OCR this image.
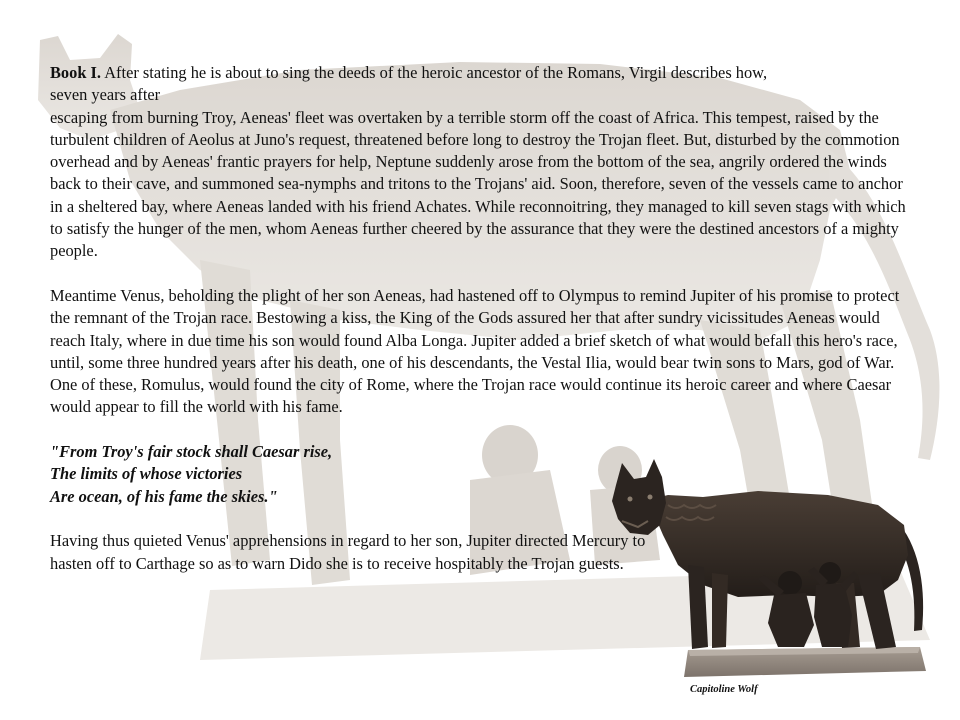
Book I. After stating he is about to sing the deeds of the heroic ancestor of the Romans, Virgil describes how,
seven years after
escaping from burning Troy, Aeneas' fleet was overtaken by a terrible storm off the coast of Africa. This tempest, raised by the turbulent children of Aeolus at Juno's request, threatened before long to destroy the Trojan fleet. But, disturbed by the commotion overhead and by Aeneas' frantic prayers for help, Neptune suddenly arose from the bottom of the sea, angrily ordered the winds back to their cave, and summoned sea-nymphs and tritons to the Trojans' aid. Soon, therefore, seven of the vessels came to anchor in a sheltered bay, where Aeneas landed with his friend Achates. While reconnoitring, they managed to kill seven stags with which to satisfy the hunger of the men, whom Aeneas further cheered by the assurance that they were the destined ancestors of a mighty people.

Meantime Venus, beholding the plight of her son Aeneas, had hastened off to Olympus to remind Jupiter of his promise to protect the remnant of the Trojan race. Bestowing a kiss, the King of the Gods assured her that after sundry vicissitudes Aeneas would reach Italy, where in due time his son would found Alba Longa. Jupiter added a brief sketch of what would befall this hero's race, until, some three hundred years after his death, one of his descendants, the Vestal Ilia, would bear twin sons to Mars, god of War. One of these, Romulus, would found the city of Rome, where the Trojan race would continue its heroic career and where Caesar would appear to fill the world with his fame.

"From Troy's fair stock shall Caesar rise,
The limits of whose victories
Are ocean, of his fame the skies."

Having thus quieted Venus' apprehensions in regard to her son, Jupiter directed Mercury to hasten off to Carthage so as to warn Dido she is to receive hospitably the Trojan guests.

Capitoline Wolf
